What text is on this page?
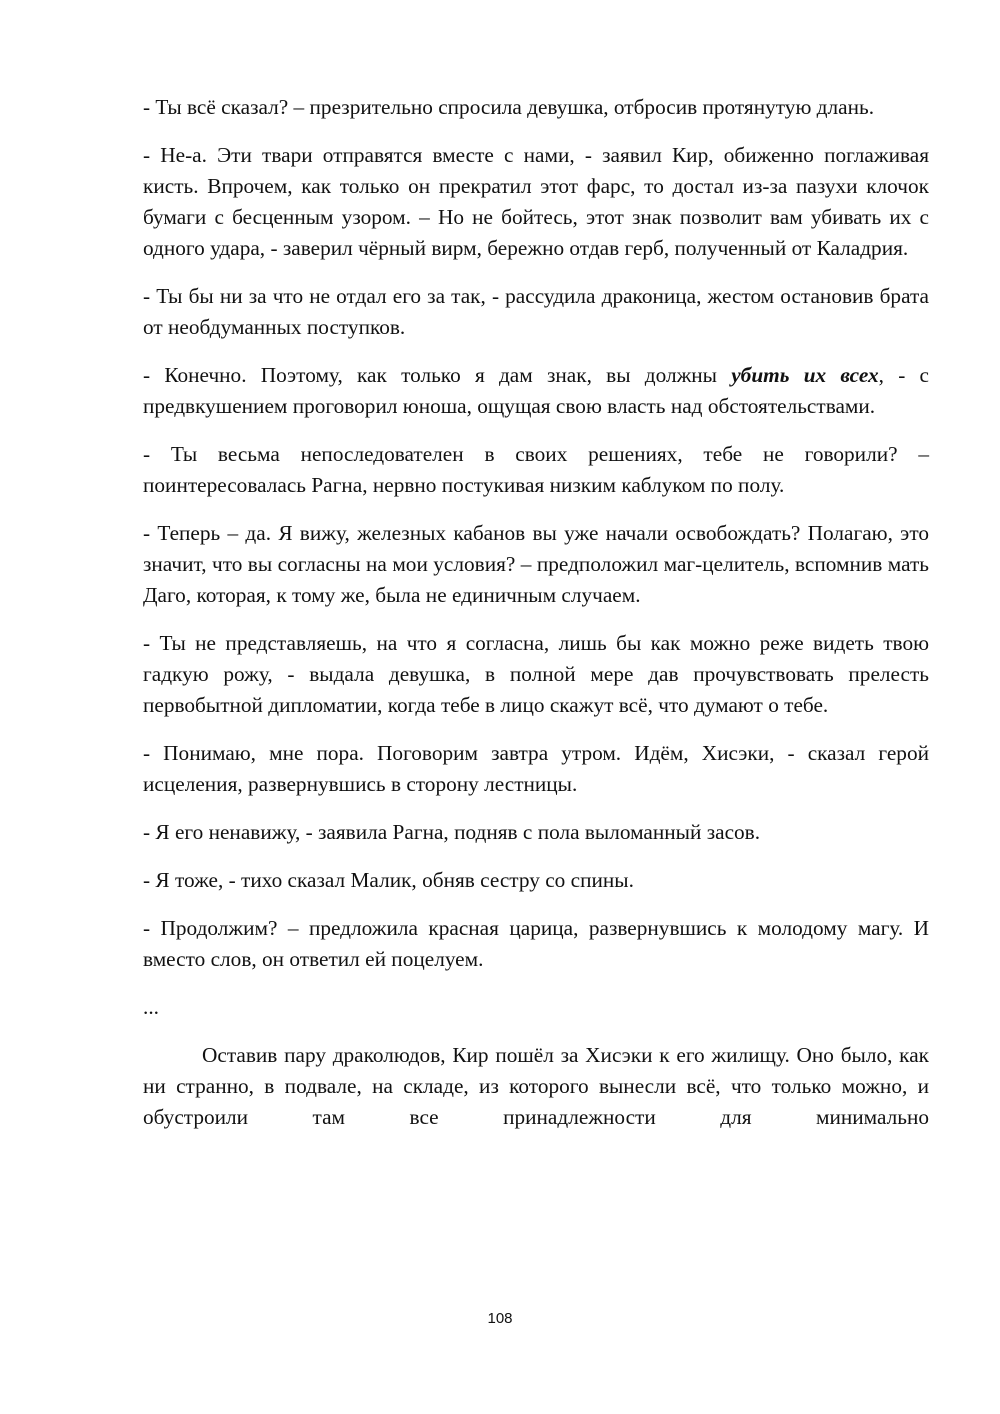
- Ты всё сказал? – презрительно спросила девушка, отбросив протянутую длань.

- Не-а. Эти твари отправятся вместе с нами, - заявил Кир, обиженно поглаживая кисть. Впрочем, как только он прекратил этот фарс, то достал из-за пазухи клочок бумаги с бесценным узором. – Но не бойтесь, этот знак позволит вам убивать их с одного удара, - заверил чёрный вирм, бережно отдав герб, полученный от Каладрия.

- Ты бы ни за что не отдал его за так, - рассудила драконица, жестом остановив брата от необдуманных поступков.

- Конечно. Поэтому, как только я дам знак, вы должны убить их всех, - с предвкушением проговорил юноша, ощущая свою власть над обстоятельствами.

- Ты весьма непоследователен в своих решениях, тебе не говорили? – поинтересовалась Рагна, нервно постукивая низким каблуком по полу.

- Теперь – да. Я вижу, железных кабанов вы уже начали освобождать? Полагаю, это значит, что вы согласны на мои условия? – предположил маг-целитель, вспомнив мать Даго, которая, к тому же, была не единичным случаем.

- Ты не представляешь, на что я согласна, лишь бы как можно реже видеть твою гадкую рожу, - выдала девушка, в полной мере дав прочувствовать прелесть первобытной дипломатии, когда тебе в лицо скажут всё, что думают о тебе.

- Понимаю, мне пора. Поговорим завтра утром. Идём, Хисэки, - сказал герой исцеления, развернувшись в сторону лестницы.

- Я его ненавижу, - заявила Рагна, подняв с пола выломанный засов.

- Я тоже, - тихо сказал Малик, обняв сестру со спины.

- Продолжим? – предложила красная царица, развернувшись к молодому магу. И вместо слов, он ответил ей поцелуем.

...

Оставив пару драколюдов, Кир пошёл за Хисэки к его жилищу. Оно было, как ни странно, в подвале, на складе, из которого вынесли всё, что только можно, и обустроили там все принадлежности для минимально

108
